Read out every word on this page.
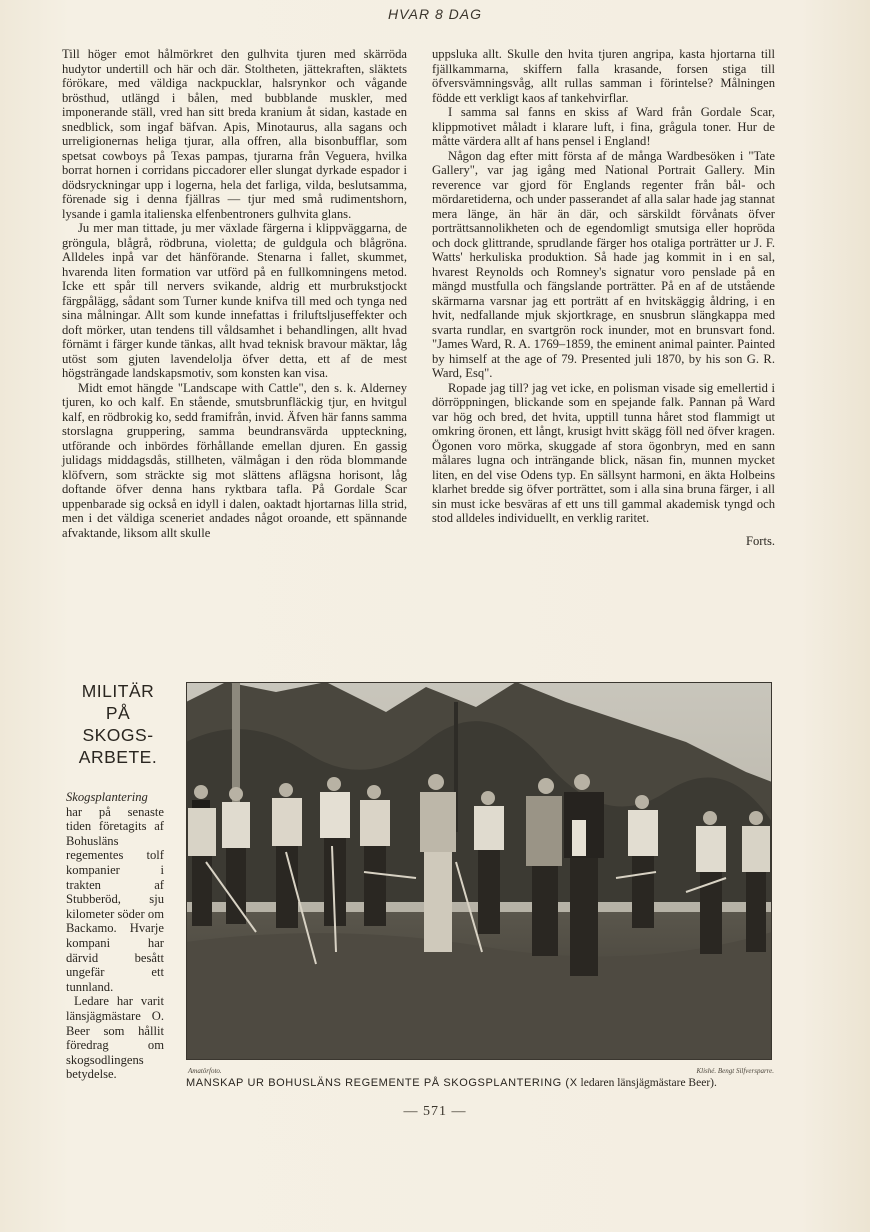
HVAR 8 DAG

Till höger emot hålmörkret den gulhvita tjuren med skärröda hudytor undertill och här och där. Stoltheten, jättekraften, släktets förökare, med väldiga nackpucklar, halsrynkor och vågande brösthud, utlängd i bålen, med bubblande muskler, med imponerande ställ, vred han sitt breda kranium åt sidan, kastade en snedblick, som ingaf bäfvan. Apis, Minotaurus, alla sagans och urreligionernas heliga tjurar, alla offren, alla bisonbufflar, som spetsat cowboys på Texas pampas, tjurarna från Veguera, hvilka borrat hornen i corridans piccadorer eller slungat dyrkade espador i dödsryckningar upp i logerna, hela det farliga, vilda, beslutsamma, förenade sig i denna fjällras — tjur med små rudimentshorn, lysande i gamla italienska elfenbentroners gulhvita glans.

Ju mer man tittade, ju mer växlade färgerna i klippväggarna, de gröngula, blågrå, rödbruna, violetta; de guldgula och blågröna. Alldeles inpå var det hänförande. Stenarna i fallet, skummet, hvarenda liten formation var utförd på en fullkomningens metod. Icke ett spår till nervers svikande, aldrig ett murbrukstjockt färgpålägg, sådant som Turner kunde knifva till med och tynga ned sina målningar. Allt som kunde innefattas i friluftsljuseffekter och doft mörker, utan tendens till våldsamhet i behandlingen, allt hvad förnämt i färger kunde tänkas, allt hvad teknisk bravour mäktar, låg utöst som gjuten lavendelolja öfver detta, ett af de mest högsträngade landskapsmotiv, som konsten kan visa.

Midt emot hängde "Landscape with Cattle", den s. k. Alderney tjuren, ko och kalf. En stående, smutsbrunfläckig tjur, en hvitgul kalf, en rödbrokig ko, sedd framifrån, invid. Äfven här fanns samma storslagna gruppering, samma beundransvärda uppteckning, utförande och inbördes förhållande emellan djuren. En gassig julidags middagsdås, stillheten, välmågan i den röda blommande klöfvern, som sträckte sig mot slättens aflägsna horisont, låg doftande öfver denna hans ryktbara tafla. På Gordale Scar uppenbarade sig också en idyll i dalen, oaktadt hjortarnas lilla strid, men i det väldiga sceneriet andades något oroande, ett spännande afvaktande, liksom allt skulle

uppsluka allt. Skulle den hvita tjuren angripa, kasta hjortarna till fjällkammarna, skiffern falla krasande, forsen stiga till öfversvämningsvåg, allt rullas samman i förintelse? Målningen födde ett verkligt kaos af tankehvirflar.

I samma sal fanns en skiss af Ward från Gordale Scar, klippmotivet måladt i klarare luft, i fina, grågula toner. Hur de måtte värdera allt af hans pensel i England!

Någon dag efter mitt första af de många Wardbesöken i "Tate Gallery", var jag igång med National Portrait Gallery. Min reverence var gjord för Englands regenter från bål- och mördaretiderna, och under passerandet af alla salar hade jag stannat mera länge, än här än där, och särskildt förvånats öfver porträttsannolikheten och de egendomligt smutsiga eller hopröda och dock glittrande, sprudlande färger hos otaliga porträtter ur J. F. Watts' herkuliska produktion. Så hade jag kommit in i en sal, hvarest Reynolds och Romney's signatur voro penslade på en mängd mustfulla och fängslande porträtter. På en af de utstående skärmarna varsnar jag ett porträtt af en hvitskäggig åldring, i en hvit, nedfallande mjuk skjortkrage, en snusbrun slängkappa med svarta rundlar, en svartgrön rock inunder, mot en brunsvart fond. "James Ward, R. A. 1769–1859, the eminent animal painter. Painted by himself at the age of 79. Presented juli 1870, by his son G. R. Ward, Esq".

Ropade jag till? jag vet icke, en polisman visade sig emellertid i dörröppningen, blickande som en spejande falk. Pannan på Ward var hög och bred, det hvita, upptill tunna håret stod flammigt ut omkring öronen, ett långt, krusigt hvitt skägg föll ned öfver kragen. Ögonen voro mörka, skuggade af stora ögonbryn, med en sann målares lugna och inträngande blick, näsan fin, munnen mycket liten, en del vise Odens typ. En sällsynt harmoni, en äkta Holbeins klarhet bredde sig öfver porträttet, som i alla sina bruna färger, i all sin must icke besväras af ett uns till gammal akademisk tyngd och stod alldeles individuellt, en verklig raritet.

Forts.
MILITÄR
PÅ
SKOGS-
ARBETE.

Skogsplantering har på senaste tiden företagits af Bohusläns regementes tolf kompanier i trakten af Stubberöd, sju kilometer söder om Backamo. Hvarje kompani har därvid besått ungefär ett tunnland.

Ledare har varit länsjägmästare O. Beer som hållit föredrag om skogsodlingens betydelse.	Amatörfoto.	Klishé. Bengt Silfversparre.
MANSKAP UR BOHUSLÄNS REGEMENTE PÅ SKOGSPLANTERING (X ledaren länsjägmästare Beer).
— 571 —
